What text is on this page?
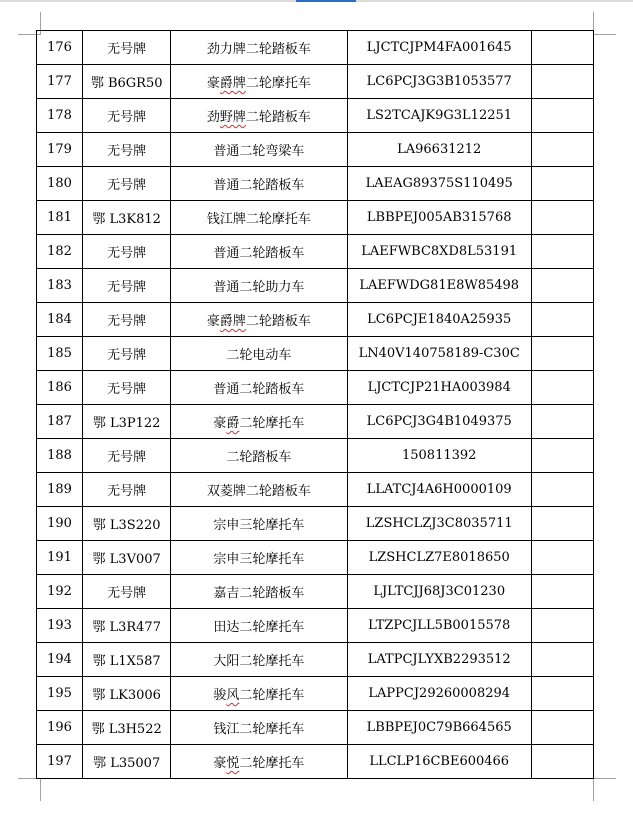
176	无号牌	劲力牌二轮踏板车	LJCTCJPM4FA001645	
177	鄂 B6GR50	豪爵牌二轮摩托车	LC6PCJ3G3B1053577	
178	无号牌	劲野牌二轮踏板车	LS2TCAJK9G3L12251	
179	无号牌	普通二轮弯梁车	LA96631212	
180	无号牌	普通二轮踏板车	LAEAG89375S110495	
181	鄂 L3K812	钱江牌二轮摩托车	LBBPEJ005AB315768	
182	无号牌	普通二轮踏板车	LAEFWBC8XD8L53191	
183	无号牌	普通二轮助力车	LAEFWDG81E8W85498	
184	无号牌	豪爵牌二轮踏板车	LC6PCJE1840A25935	
185	无号牌	二轮电动车	LN40V140758189-C30C	
186	无号牌	普通二轮踏板车	LJCTCJP21HA003984	
187	鄂 L3P122	豪爵二轮摩托车	LC6PCJ3G4B1049375	
188	无号牌	二轮踏板车	150811392	
189	无号牌	双菱牌二轮踏板车	LLATCJ4A6H0000109	
190	鄂 L3S220	宗申三轮摩托车	LZSHCLZJ3C8035711	
191	鄂 L3V007	宗申三轮摩托车	LZSHCLZ7E8018650	
192	无号牌	嘉吉二轮踏板车	LJLTCJJ68J3C01230	
193	鄂 L3R477	田达二轮摩托车	LTZPCJLL5B0015578	
194	鄂 L1X587	大阳二轮摩托车	LATPCJLYXB2293512	
195	鄂 LK3006	骏风二轮摩托车	LAPPCJ29260008294	
196	鄂 L3H522	钱江二轮摩托车	LBBPEJ0C79B664565	
197	鄂 L35007	豪悦二轮摩托车	LLCLP16CBE600466	
